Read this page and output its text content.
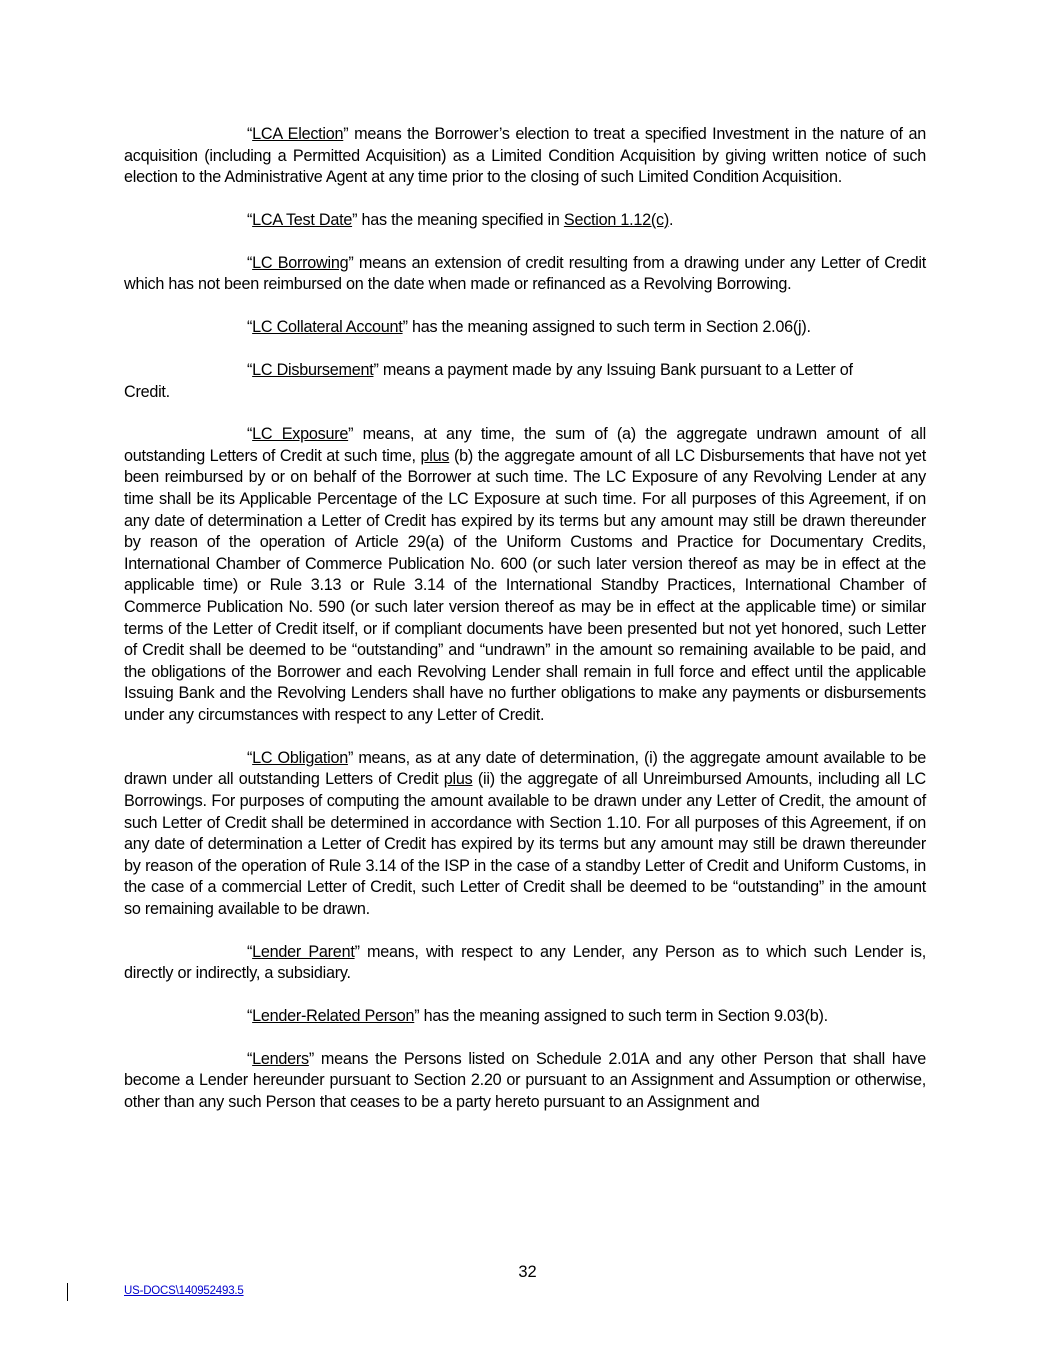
“LCA Election” means the Borrower’s election to treat a specified Investment in the nature of an acquisition (including a Permitted Acquisition) as a Limited Condition Acquisition by giving written notice of such election to the Administrative Agent at any time prior to the closing of such Limited Condition Acquisition.

“LCA Test Date” has the meaning specified in Section 1.12(c).

“LC Borrowing” means an extension of credit resulting from a drawing under any Letter of Credit which has not been reimbursed on the date when made or refinanced as a Revolving Borrowing.

“LC Collateral Account” has the meaning assigned to such term in Section 2.06(j).

“LC Disbursement” means a payment made by any Issuing Bank pursuant to a Letter of
Credit.

“LC Exposure” means, at any time, the sum of (a) the aggregate undrawn amount of all outstanding Letters of Credit at such time, plus (b) the aggregate amount of all LC Disbursements that have not yet been reimbursed by or on behalf of the Borrower at such time. The LC Exposure of any Revolving Lender at any time shall be its Applicable Percentage of the LC Exposure at such time. For all purposes of this Agreement, if on any date of determination a Letter of Credit has expired by its terms but any amount may still be drawn thereunder by reason of the operation of Article 29(a) of the Uniform Customs and Practice for Documentary Credits, International Chamber of Commerce Publication No. 600 (or such later version thereof as may be in effect at the applicable time) or Rule 3.13 or Rule 3.14 of the International Standby Practices, International Chamber of Commerce Publication No. 590 (or such later version thereof as may be in effect at the applicable time) or similar terms of the Letter of Credit itself, or if compliant documents have been presented but not yet honored, such Letter of Credit shall be deemed to be “outstanding” and “undrawn” in the amount so remaining available to be paid, and the obligations of the Borrower and each Revolving Lender shall remain in full force and effect until the applicable Issuing Bank and the Revolving Lenders shall have no further obligations to make any payments or disbursements under any circumstances with respect to any Letter of Credit.

“LC Obligation” means, as at any date of determination, (i) the aggregate amount available to be drawn under all outstanding Letters of Credit plus (ii) the aggregate of all Unreimbursed Amounts, including all LC Borrowings. For purposes of computing the amount available to be drawn under any Letter of Credit, the amount of such Letter of Credit shall be determined in accordance with Section 1.10. For all purposes of this Agreement, if on any date of determination a Letter of Credit has expired by its terms but any amount may still be drawn thereunder by reason of the operation of Rule 3.14 of the ISP in the case of a standby Letter of Credit and Uniform Customs, in the case of a commercial Letter of Credit, such Letter of Credit shall be deemed to be “outstanding” in the amount so remaining available to be drawn.

“Lender Parent” means, with respect to any Lender, any Person as to which such Lender is, directly or indirectly, a subsidiary.

“Lender-Related Person” has the meaning assigned to such term in Section 9.03(b).

“Lenders” means the Persons listed on Schedule 2.01A and any other Person that shall have become a Lender hereunder pursuant to Section 2.20 or pursuant to an Assignment and Assumption or otherwise, other than any such Person that ceases to be a party hereto pursuant to an Assignment and

32
US-DOCS\140952493.5
